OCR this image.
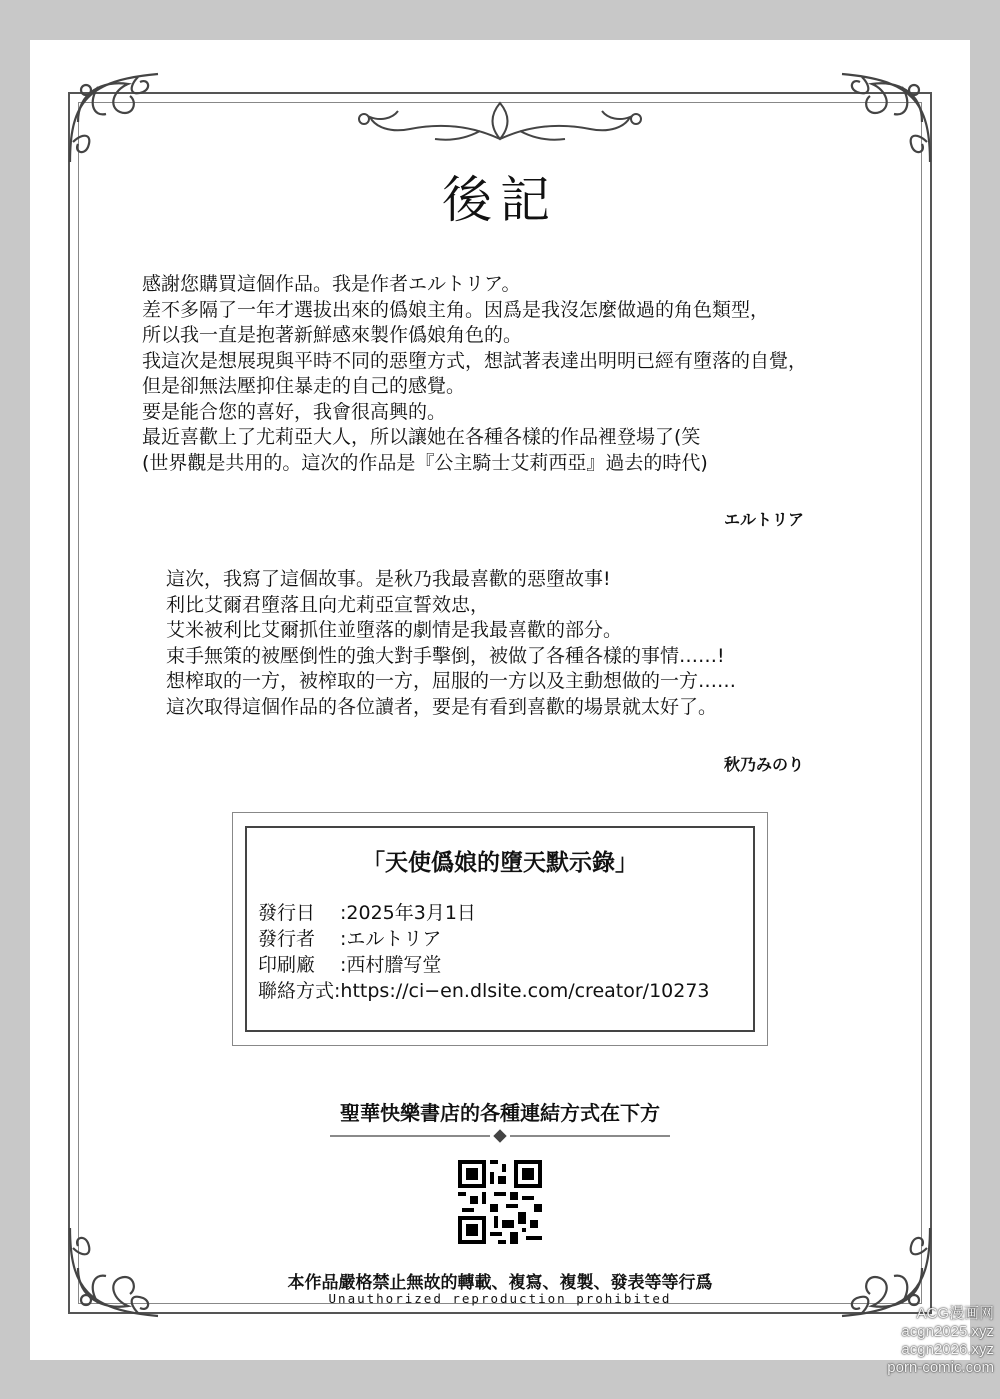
後記
感謝您購買這個作品。我是作者エルトリア。
差不多隔了一年才選拔出來的僞娘主角。因爲是我沒怎麼做過的角色類型，
所以我一直是抱著新鮮感來製作僞娘角色的。
我這次是想展現與平時不同的惡墮方式，想試著表達出明明已經有墮落的自覺，
但是卻無法壓抑住暴走的自己的感覺。
要是能合您的喜好，我會很高興的。
最近喜歡上了尤莉亞大人，所以讓她在各種各樣的作品裡登場了(笑
(世界觀是共用的。這次的作品是『公主騎士艾莉西亞』過去的時代)
エルトリア
這次，我寫了這個故事。是秋乃我最喜歡的惡墮故事!
利比艾爾君墮落且向尤莉亞宣誓效忠，
艾米被利比艾爾抓住並墮落的劇情是我最喜歡的部分。
束手無策的被壓倒性的強大對手擊倒，被做了各種各樣的事情……!
想榨取的一方，被榨取的一方，屈服的一方以及主動想做的一方……
這次取得這個作品的各位讀者，要是有看到喜歡的場景就太好了。
秋乃みのり
「天使僞娘的墮天默示錄」
發行日 :2025年3月1日
發行者 :エルトリア
印刷廠 :西村謄写堂
聯絡方式:https://ci−en.dlsite.com/creator/10273
聖華快樂書店的各種連結方式在下方
本作品嚴格禁止無故的轉載、複寫、複製、發表等等行爲
Unauthorized reproduction prohibited
ACG漫画网
acgn2025.xyz
acgn2026.xyz
porn-comic.com
